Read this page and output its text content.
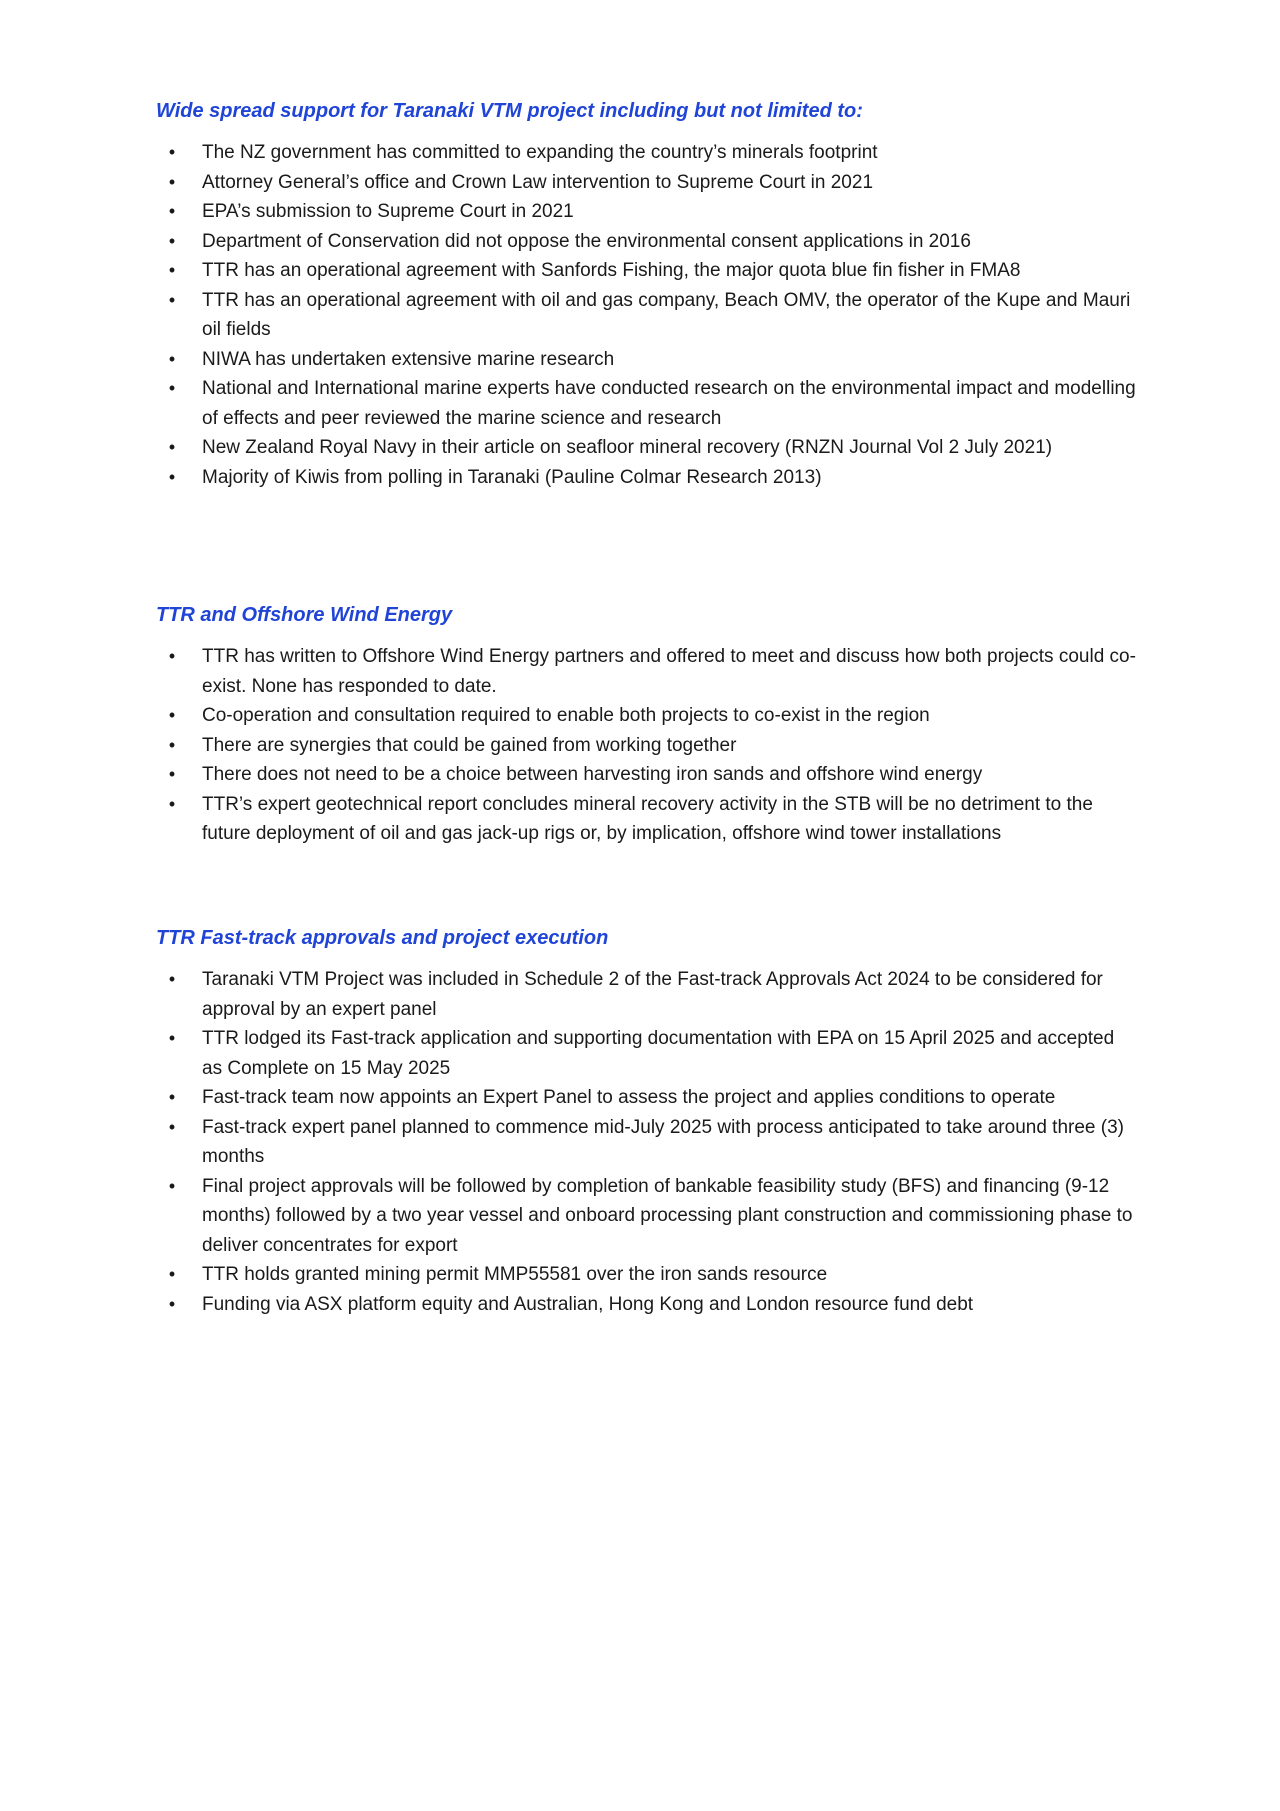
Wide spread support for Taranaki VTM project including but not limited to:
• The NZ government has committed to expanding the country’s minerals footprint
• Attorney General’s office and Crown Law intervention to Supreme Court in 2021
• EPA’s submission to Supreme Court in 2021
• Department of Conservation did not oppose the environmental consent applications in 2016
• TTR has an operational agreement with Sanfords Fishing, the major quota blue fin fisher in FMA8
• TTR has an operational agreement with oil and gas company, Beach OMV, the operator of the Kupe and Mauri oil fields
• NIWA has undertaken extensive marine research
• National and International marine experts have conducted research on the environmental impact and modelling of effects and peer reviewed the marine science and research
• New Zealand Royal Navy in their article on seafloor mineral recovery (RNZN Journal Vol 2 July 2021)
• Majority of Kiwis from polling in Taranaki (Pauline Colmar Research 2013)
TTR and Offshore Wind Energy
• TTR has written to Offshore Wind Energy partners and offered to meet and discuss how both projects could co-exist. None has responded to date.
• Co-operation and consultation required to enable both projects to co-exist in the region
• There are synergies that could be gained from working together
• There does not need to be a choice between harvesting iron sands and offshore wind energy
• TTR’s expert geotechnical report concludes mineral recovery activity in the STB will be no detriment to the future deployment of oil and gas jack-up rigs or, by implication, offshore wind tower installations
TTR Fast-track approvals and project execution
• Taranaki VTM Project was included in Schedule 2 of the Fast-track Approvals Act 2024 to be considered for approval by an expert panel
• TTR lodged its Fast-track application and supporting documentation with EPA on 15 April 2025 and accepted as Complete on 15 May 2025
• Fast-track team now appoints an Expert Panel to assess the project and applies conditions to operate
• Fast-track expert panel planned to commence mid-July 2025 with process anticipated to take around three (3) months
• Final project approvals will be followed by completion of bankable feasibility study (BFS) and financing (9-12 months) followed by a two year vessel and onboard processing plant construction and commissioning phase to deliver concentrates for export
• TTR holds granted mining permit MMP55581 over the iron sands resource
• Funding via ASX platform equity and Australian, Hong Kong and London resource fund debt
